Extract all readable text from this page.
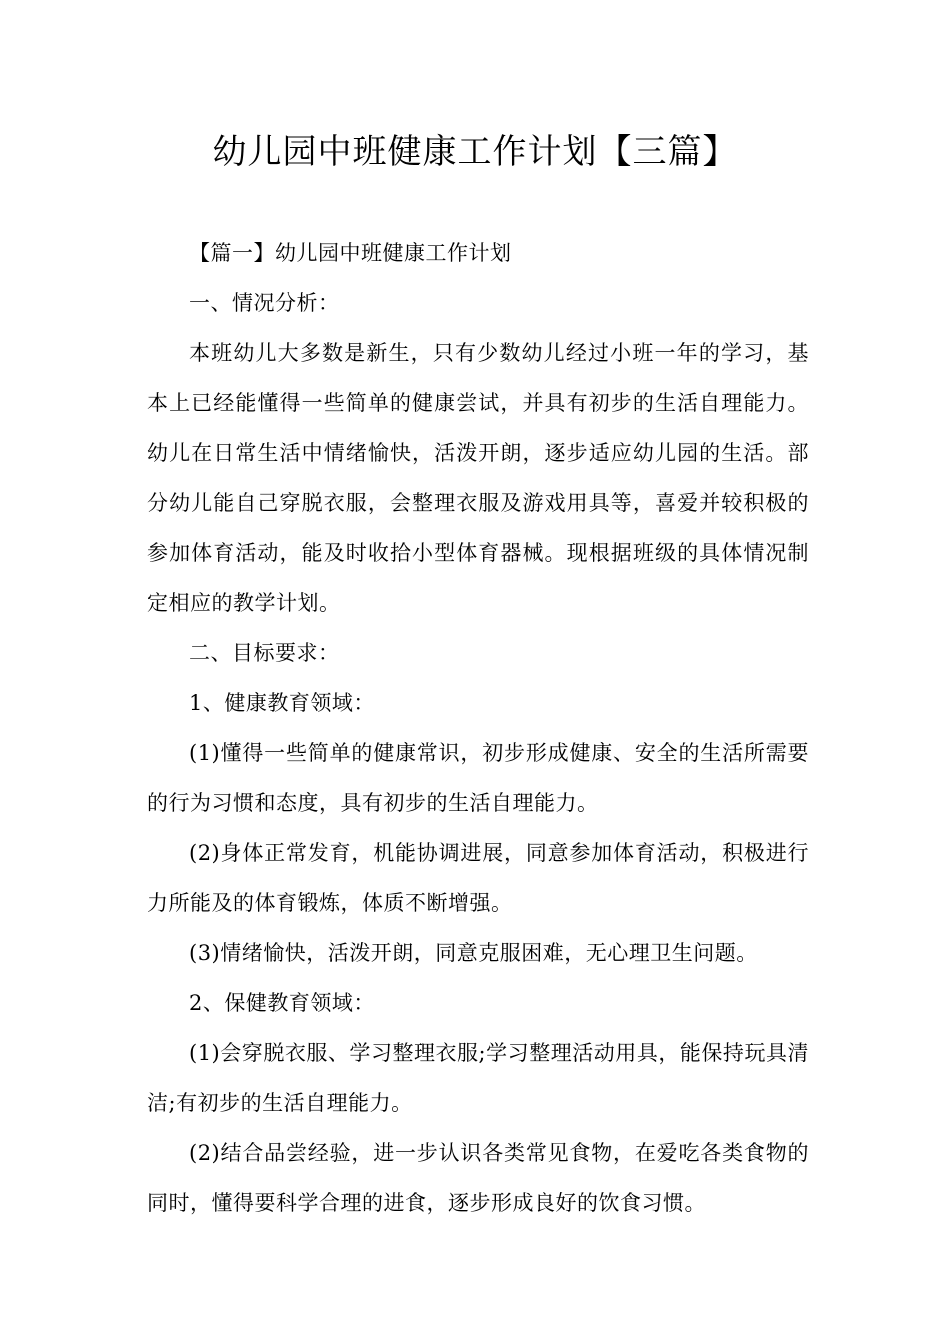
幼儿园中班健康工作计划【三篇】

【篇一】幼儿园中班健康工作计划

一、情况分析：

本班幼儿大多数是新生，只有少数幼儿经过小班一年的学习，基本上已经能懂得一些简单的健康尝试，并具有初步的生活自理能力。幼儿在日常生活中情绪愉快，活泼开朗，逐步适应幼儿园的生活。部分幼儿能自己穿脱衣服，会整理衣服及游戏用具等，喜爱并较积极的参加体育活动，能及时收拾小型体育器械。现根据班级的具体情况制定相应的教学计划。

二、目标要求：

1、健康教育领域：

(1)懂得一些简单的健康常识，初步形成健康、安全的生活所需要的行为习惯和态度，具有初步的生活自理能力。

(2)身体正常发育，机能协调进展，同意参加体育活动，积极进行力所能及的体育锻炼，体质不断增强。

(3)情绪愉快，活泼开朗，同意克服困难，无心理卫生问题。

2、保健教育领域：

(1)会穿脱衣服、学习整理衣服;学习整理活动用具，能保持玩具清洁;有初步的生活自理能力。

(2)结合品尝经验，进一步认识各类常见食物，在爱吃各类食物的同时，懂得要科学合理的进食，逐步形成良好的饮食习惯。
